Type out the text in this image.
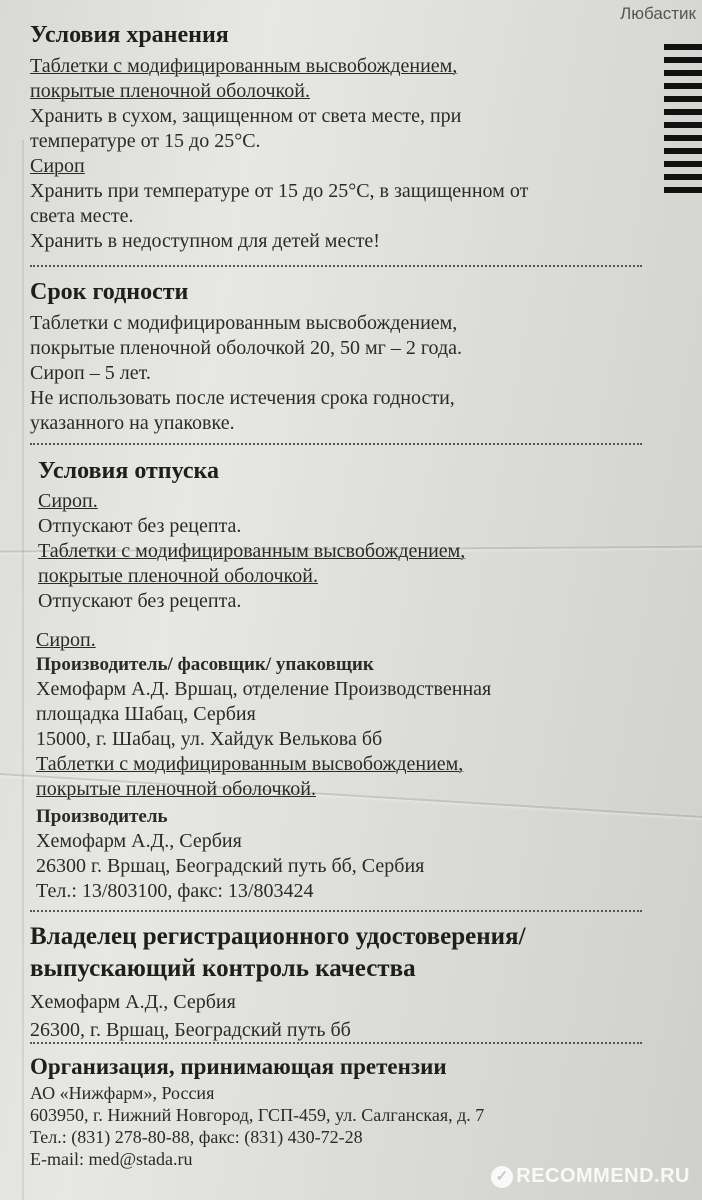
Любастик

Условия хранения

Таблетки с модифицированным высвобождением,

покрытые пленочной оболочкой.

Хранить в сухом, защищенном от света месте, при

температуре от 15 до 25°С.

Сироп

Хранить при температуре от 15 до 25°С, в защищенном от

света месте.

Хранить в недоступном для детей месте!

Срок годности

Таблетки с модифицированным высвобождением,

покрытые пленочной оболочкой 20, 50 мг – 2 года.

Сироп – 5 лет.

Не использовать после истечения срока годности,

указанного на упаковке.

Условия отпуска

Сироп.

Отпускают без рецепта.

Таблетки с модифицированным высвобождением,

покрытые пленочной оболочкой.

Отпускают без рецепта.

Сироп.

Производитель/ фасовщик/ упаковщик

Хемофарм А.Д. Вршац, отделение Производственная

площадка Шабац, Сербия

15000, г. Шабац, ул. Хайдук Велькова бб

Таблетки с модифицированным высвобождением,

покрытые пленочной оболочкой.

Производитель

Хемофарм А.Д., Сербия

26300 г. Вршац, Београдский путь бб, Сербия

Тел.: 13/803100, факс: 13/803424

Владелец регистрационного удостоверения/

выпускающий контроль качества

Хемофарм А.Д., Сербия

26300, г. Вршац, Београдский путь бб

Организация, принимающая претензии

АО «Нижфарм», Россия

603950, г. Нижний Новгород, ГСП-459, ул. Салганская, д. 7

Тел.: (831) 278-80-88, факс: (831) 430-72-28

E-mail: med@stada.ru

✓ RECOMMEND.RU
